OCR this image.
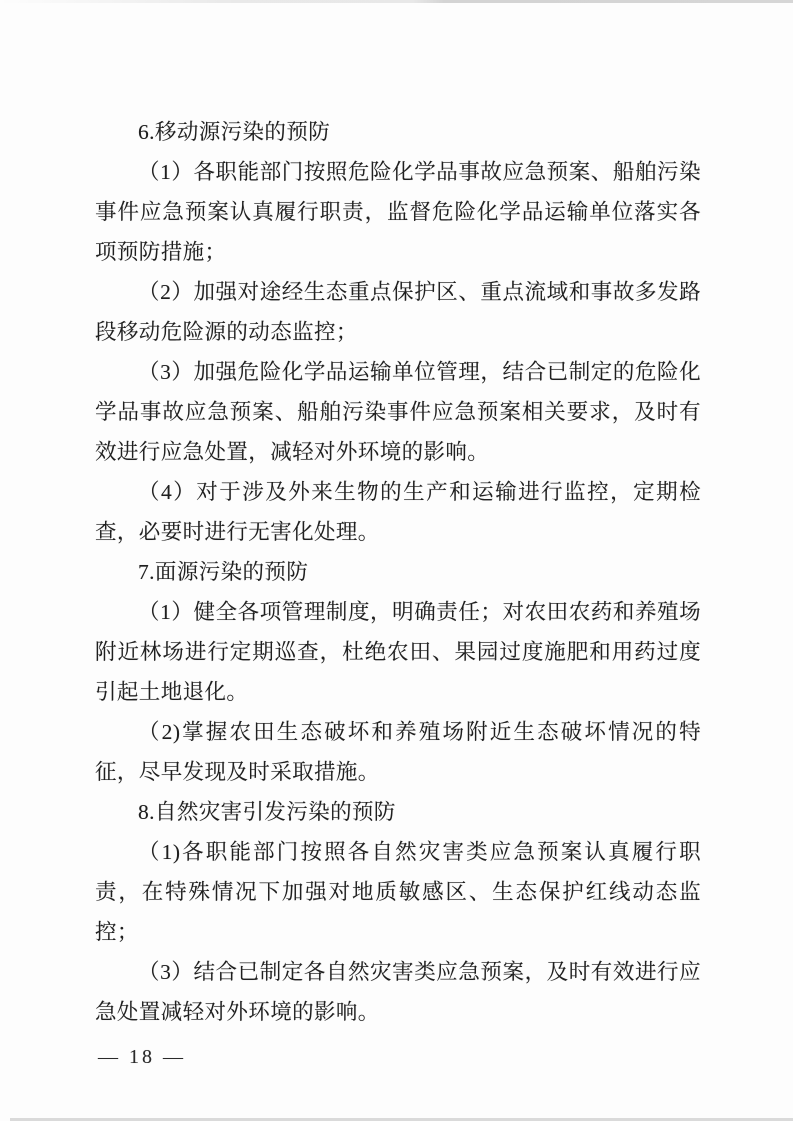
6.移动源污染的预防

（1）各职能部门按照危险化学品事故应急预案、船舶污染事件应急预案认真履行职责，监督危险化学品运输单位落实各项预防措施；

（2）加强对途经生态重点保护区、重点流域和事故多发路段移动危险源的动态监控；

（3）加强危险化学品运输单位管理，结合已制定的危险化学品事故应急预案、船舶污染事件应急预案相关要求，及时有效进行应急处置，减轻对外环境的影响。

（4）对于涉及外来生物的生产和运输进行监控，定期检查，必要时进行无害化处理。

7.面源污染的预防

（1）健全各项管理制度，明确责任；对农田农药和养殖场附近林场进行定期巡查，杜绝农田、果园过度施肥和用药过度引起土地退化。

（2)掌握农田生态破坏和养殖场附近生态破坏情况的特征，尽早发现及时采取措施。

8.自然灾害引发污染的预防

（1)各职能部门按照各自然灾害类应急预案认真履行职责，在特殊情况下加强对地质敏感区、生态保护红线动态监控；

（3）结合已制定各自然灾害类应急预案，及时有效进行应急处置减轻对外环境的影响。

— 18 —
